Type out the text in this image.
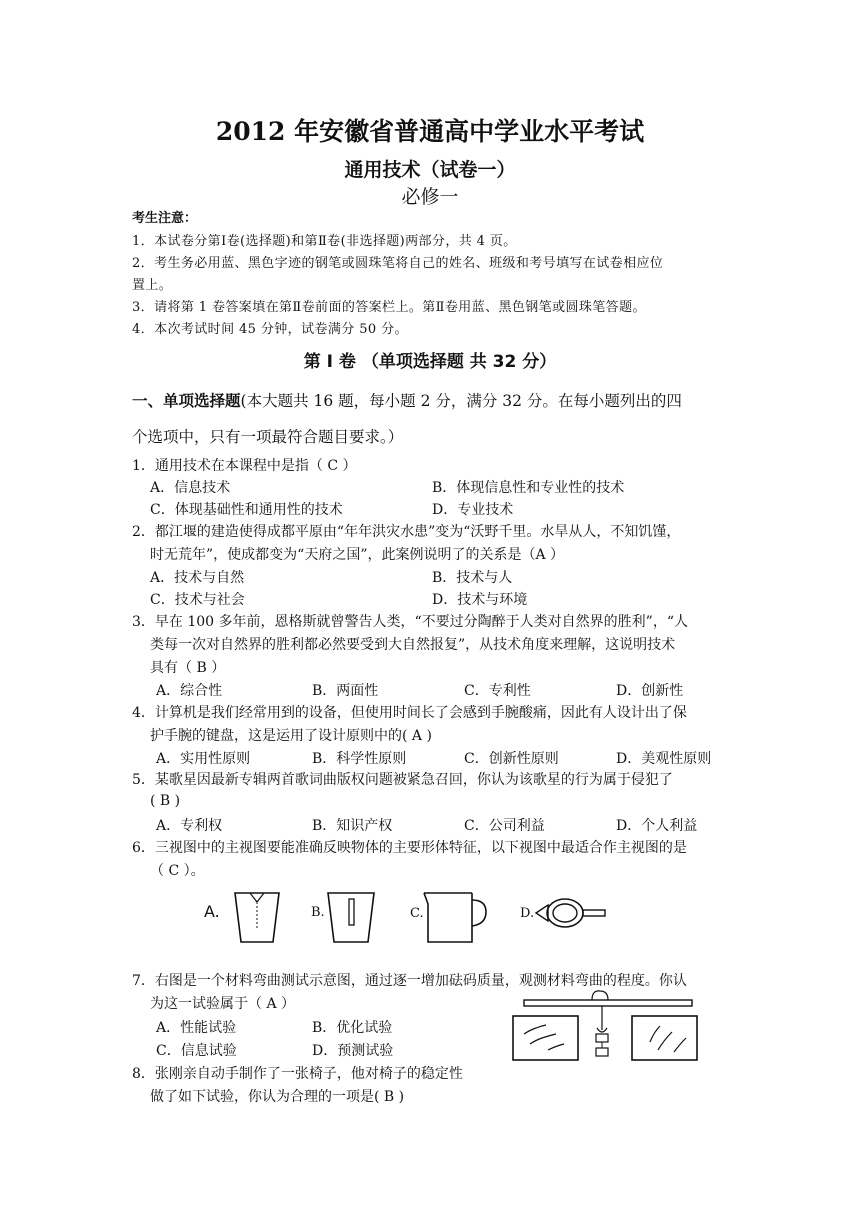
2012 年安徽省普通高中学业水平考试
通用技术（试卷一）
必修一
考生注意：
1．本试卷分第Ⅰ卷(选择题)和第Ⅱ卷(非选择题)两部分，共 4 页。
2．考生务必用蓝、黑色字迹的钢笔或圆珠笔将自己的姓名、班级和考号填写在试卷相应位
置上。
3．请将第 1 卷答案填在第Ⅱ卷前面的答案栏上。第Ⅱ卷用蓝、黑色钢笔或圆珠笔答题。
4．本次考试时间 45 分钟，试卷满分 50 分。
第 I 卷 （单项选择题 共 32 分）
一、单项选择题(本大题共 16 题，每小题 2 分，满分 32 分。在每小题列出的四
个选项中，只有一项最符合题目要求。）
1．通用技术在本课程中是指（ C ）
A．信息技术	B．体现信息性和专业性的技术
C．体现基础性和通用性的技术	D．专业技术
2．都江堰的建造使得成都平原由“年年洪灾水患”变为“沃野千里。水旱从人，不知饥馑，
时无荒年”，使成都变为“天府之国”，此案例说明了的关系是（A ）
A．技术与自然	B．技术与人
C．技术与社会	D．技术与环境
3．早在 100 多年前，恩格斯就曾警告人类，“不要过分陶醉于人类对自然界的胜利”，“人
类每一次对自然界的胜利都必然要受到大自然报复”，从技术角度来理解，这说明技术
具有（ B ）
A．综合性	B．两面性	C．专利性	D．创新性
4．计算机是我们经常用到的设备，但使用时间长了会感到手腕酸痛，因此有人设计出了保
护手腕的键盘，这是运用了设计原则中的( A )
A．实用性原则	B．科学性原则	C．创新性原则	D．美观性原则
5．某歌星因最新专辑两首歌词曲版权问题被紧急召回，你认为该歌星的行为属于侵犯了
( B )
A．专利权	B．知识产权	C．公司利益	D．个人利益
6．三视图中的主视图要能准确反映物体的主要形体特征，以下视图中最适合作主视图的是
（ C ）。
A.	B.	C.	D.
7．右图是一个材料弯曲测试示意图，通过逐一增加砝码质量，观测材料弯曲的程度。你认
为这一试验属于（ A ）
A．性能试验	B．优化试验
C．信息试验	D．预测试验
8．张刚亲自动手制作了一张椅子，他对椅子的稳定性
做了如下试验，你认为合理的一项是( B )
